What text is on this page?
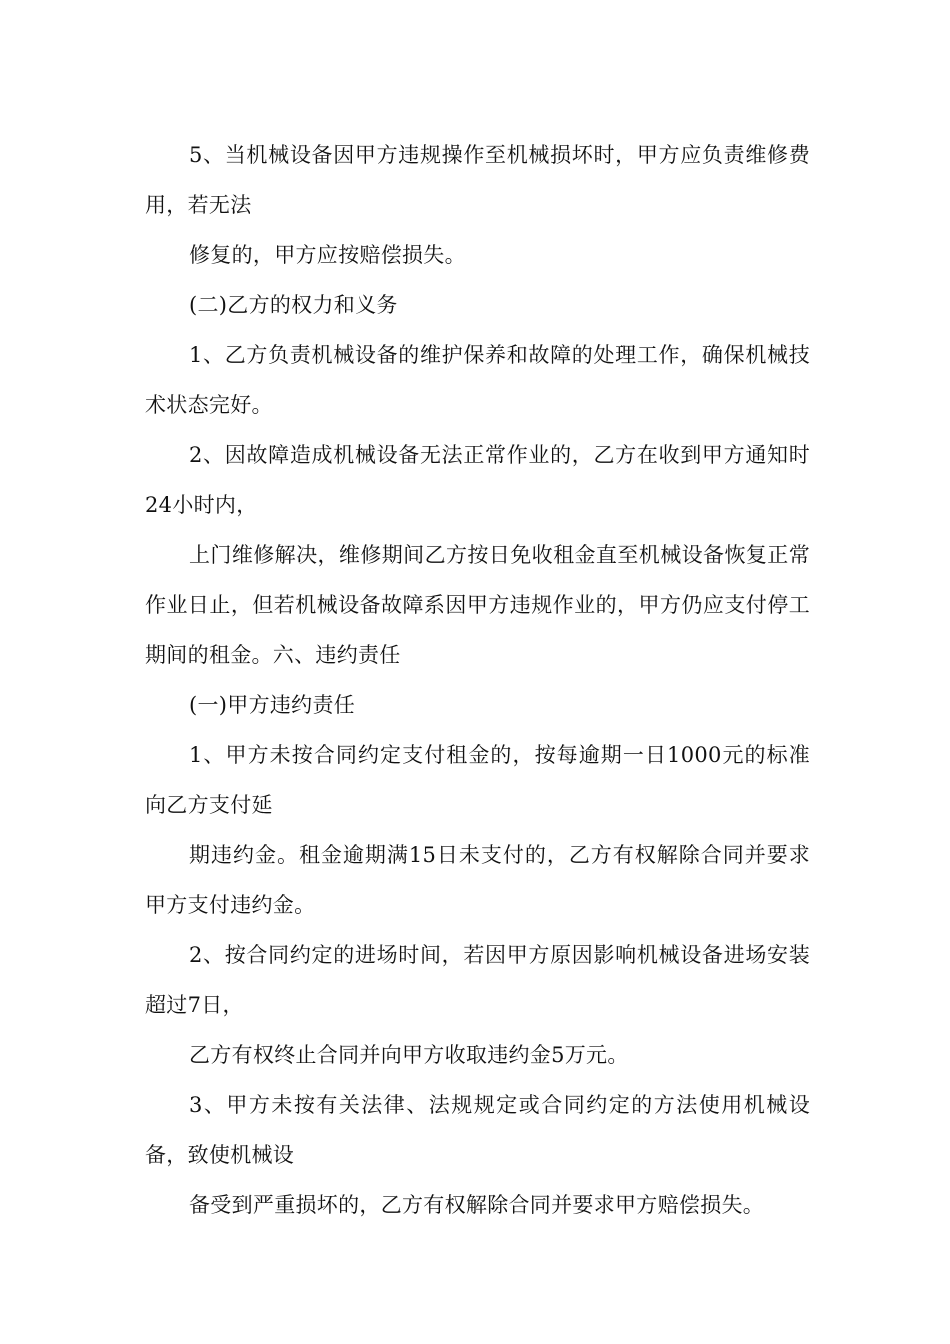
5、当机械设备因甲方违规操作至机械损坏时，甲方应负责维修费用，若无法

修复的，甲方应按赔偿损失。

(二)乙方的权力和义务

1、乙方负责机械设备的维护保养和故障的处理工作，确保机械技术状态完好。

2、因故障造成机械设备无法正常作业的，乙方在收到甲方通知时24小时内，

上门维修解决，维修期间乙方按日免收租金直至机械设备恢复正常作业日止，但若机械设备故障系因甲方违规作业的，甲方仍应支付停工期间的租金。六、违约责任

(一)甲方违约责任

1、甲方未按合同约定支付租金的，按每逾期一日1000元的标准向乙方支付延

期违约金。租金逾期满15日未支付的，乙方有权解除合同并要求甲方支付违约金。

2、按合同约定的进场时间，若因甲方原因影响机械设备进场安装超过7日，

乙方有权终止合同并向甲方收取违约金5万元。

3、甲方未按有关法律、法规规定或合同约定的方法使用机械设备，致使机械设

备受到严重损坏的，乙方有权解除合同并要求甲方赔偿损失。
